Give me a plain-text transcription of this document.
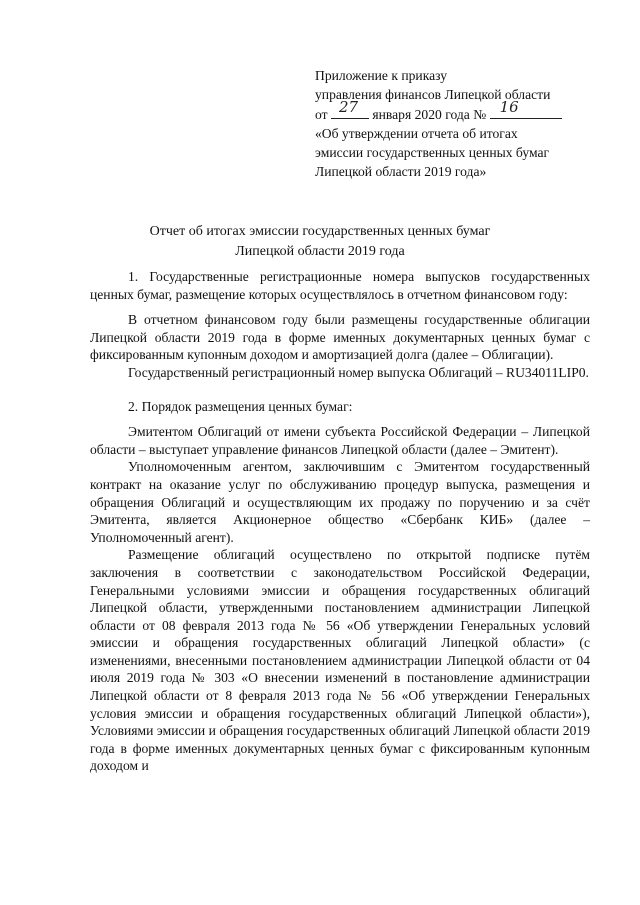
Приложение к приказу
управления финансов Липецкой области
от 27 января 2020 года № 16
«Об утверждении отчета об итогах
эмиссии государственных ценных бумаг
Липецкой области 2019 года»
Отчет об итогах эмиссии государственных ценных бумаг
Липецкой области 2019 года

1. Государственные регистрационные номера выпусков государственных ценных бумаг, размещение которых осуществлялось в отчетном финансовом году:

В отчетном финансовом году были размещены государственные облигации Липецкой области 2019 года в форме именных документарных ценных бумаг с фиксированным купонным доходом и амортизацией долга (далее – Облигации).

Государственный регистрационный номер выпуска Облигаций – RU34011LIP0.

2. Порядок размещения ценных бумаг:

Эмитентом Облигаций от имени субъекта Российской Федерации – Липецкой области – выступает управление финансов Липецкой области (далее – Эмитент).

Уполномоченным агентом, заключившим с Эмитентом государственный контракт на оказание услуг по обслуживанию процедур выпуска, размещения и обращения Облигаций и осуществляющим их продажу по поручению и за счёт Эмитента, является Акционерное общество «Сбербанк КИБ» (далее – Уполномоченный агент).

Размещение облигаций осуществлено по открытой подписке путём заключения в соответствии с законодательством Российской Федерации, Генеральными условиями эмиссии и обращения государственных облигаций Липецкой области, утвержденными постановлением администрации Липецкой области от 08 февраля 2013 года № 56 «Об утверждении Генеральных условий эмиссии и обращения государственных облигаций Липецкой области» (с изменениями, внесенными постановлением администрации Липецкой области от 04 июля 2019 года № 303 «О внесении изменений в постановление администрации Липецкой области от 8 февраля 2013 года № 56 «Об утверждении Генеральных условия эмиссии и обращения государственных облигаций Липецкой области»), Условиями эмиссии и обращения государственных облигаций Липецкой области 2019 года в форме именных документарных ценных бумаг с фиксированным купонным доходом и
